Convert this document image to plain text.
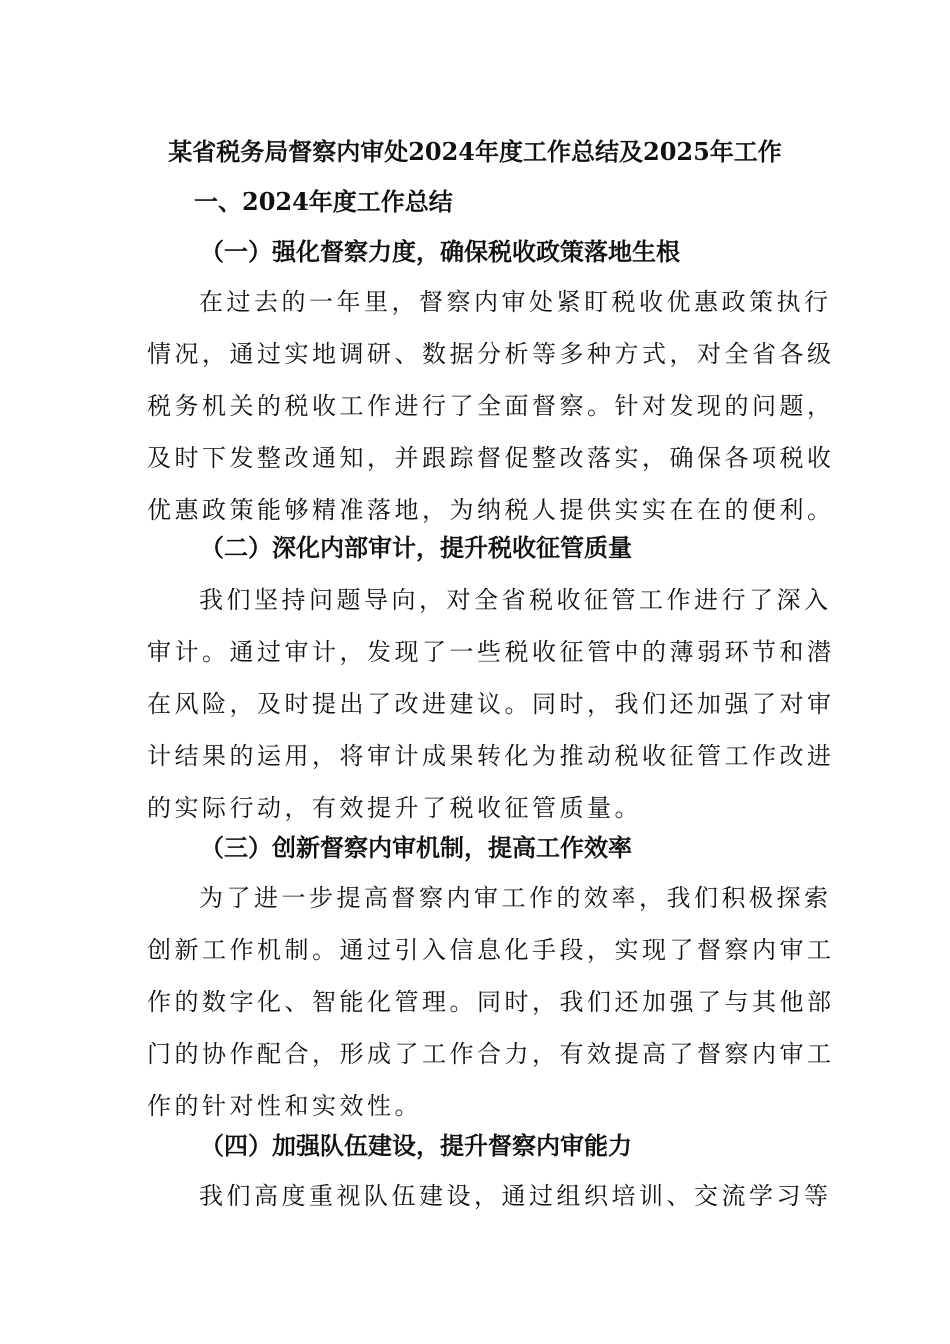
某省税务局督察内审处2024年度工作总结及2025年工作
一、2024年度工作总结
（一）强化督察力度，确保税收政策落地生根
在过去的一年里，督察内审处紧盯税收优惠政策执行
情况，通过实地调研、数据分析等多种方式，对全省各级
税务机关的税收工作进行了全面督察。针对发现的问题，
及时下发整改通知，并跟踪督促整改落实，确保各项税收
优惠政策能够精准落地，为纳税人提供实实在在的便利。
（二）深化内部审计，提升税收征管质量
我们坚持问题导向，对全省税收征管工作进行了深入
审计。通过审计，发现了一些税收征管中的薄弱环节和潜
在风险，及时提出了改进建议。同时，我们还加强了对审
计结果的运用，将审计成果转化为推动税收征管工作改进
的实际行动，有效提升了税收征管质量。
（三）创新督察内审机制，提高工作效率
为了进一步提高督察内审工作的效率，我们积极探索
创新工作机制。通过引入信息化手段，实现了督察内审工
作的数字化、智能化管理。同时，我们还加强了与其他部
门的协作配合，形成了工作合力，有效提高了督察内审工
作的针对性和实效性。
（四）加强队伍建设，提升督察内审能力
我们高度重视队伍建设，通过组织培训、交流学习等
